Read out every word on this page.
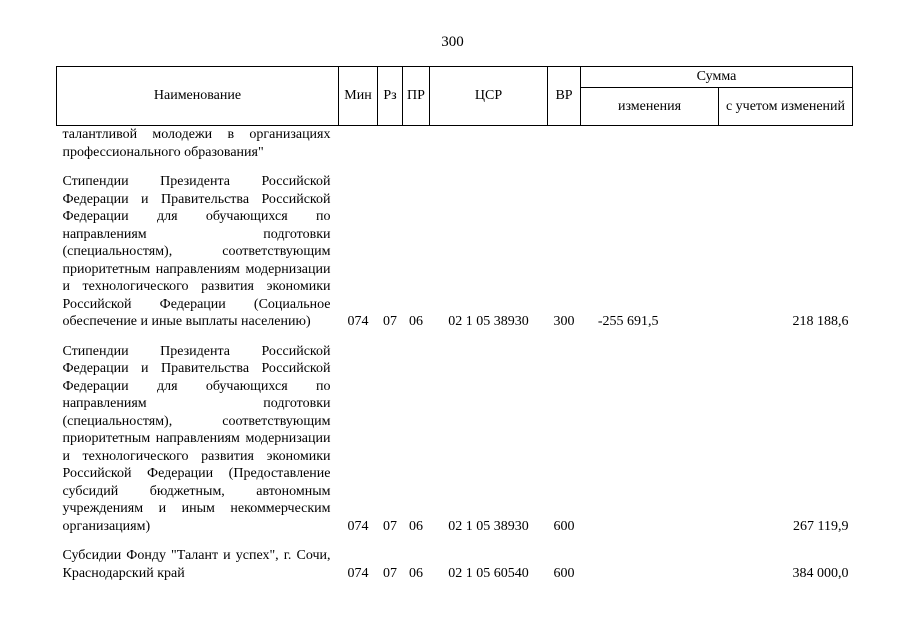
300
Наименование	Мин	Рз	ПР	ЦСР	ВР	Сумма	
						изменения	с учетом изменений
талантливой молодежи в организациях профессионального образования"							

Стипендии Президента Российской Федерации и Правительства Российской Федерации для обучающихся по направлениям подготовки (специальностям), соответствующим приоритетным направлениям модернизации и технологического развития экономики Российской Федерации (Социальное обеспечение и иные выплаты населению)	074	07	06	02 1 05 38930	300	-255 691,5	218 188,6

Стипендии Президента Российской Федерации и Правительства Российской Федерации для обучающихся по направлениям подготовки (специальностям), соответствующим приоритетным направлениям модернизации и технологического развития экономики Российской Федерации (Предоставление субсидий бюджетным, автономным учреждениям и иным некоммерческим организациям)	074	07	06	02 1 05 38930	600		267 119,9

Субсидии Фонду "Талант и успех", г. Сочи, Краснодарский край	074	07	06	02 1 05 60540	600		384 000,0
